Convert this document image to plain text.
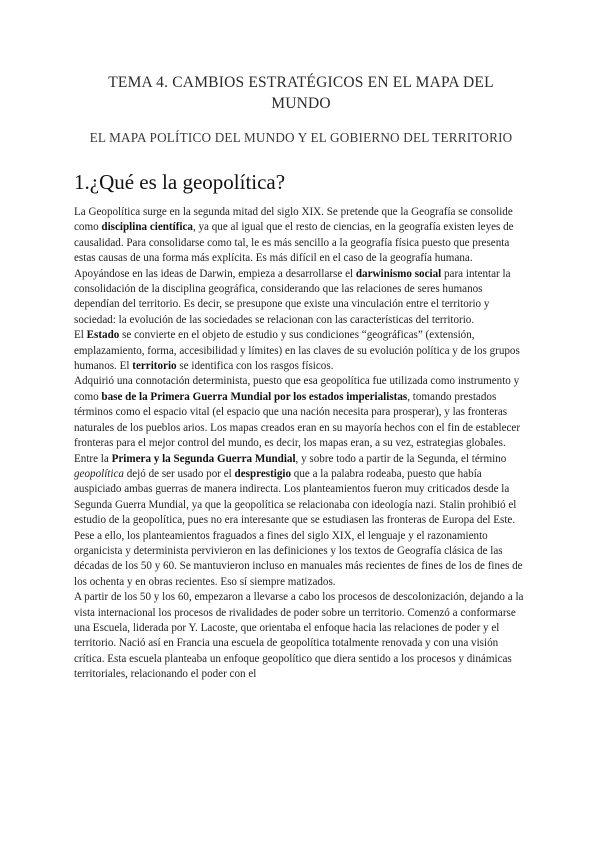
TEMA 4. CAMBIOS ESTRATÉGICOS EN EL MAPA DEL MUNDO
EL MAPA POLÍTICO DEL MUNDO Y EL GOBIERNO DEL TERRITORIO
1.¿Qué es la geopolítica?

La Geopolítica surge en la segunda mitad del siglo XIX. Se pretende que la Geografía se consolide como disciplina científica, ya que al igual que el resto de ciencias, en la geografía existen leyes de causalidad. Para consolidarse como tal, le es más sencillo a la geografía física puesto que presenta estas causas de una forma más explícita. Es más difícil en el caso de la geografía humana.

Apoyándose en las ideas de Darwin, empieza a desarrollarse el darwinismo social para intentar la consolidación de la disciplina geográfica, considerando que las relaciones de seres humanos dependían del territorio. Es decir, se presupone que existe una vinculación entre el territorio y sociedad: la evolución de las sociedades se relacionan con las características del territorio.

El Estado se convierte en el objeto de estudio y sus condiciones “geográficas” (extensión, emplazamiento, forma, accesibilidad y límites) en las claves de su evolución política y de los grupos humanos. El territorio se identifica con los rasgos físicos.

Adquirió una connotación determinista, puesto que esa geopolítica fue utilizada como instrumento y como base de la Primera Guerra Mundial por los estados imperialistas, tomando prestados términos como el espacio vital (el espacio que una nación necesita para prosperar), y las fronteras naturales de los pueblos arios. Los mapas creados eran en su mayoría hechos con el fin de establecer fronteras para el mejor control del mundo, es decir, los mapas eran, a su vez, estrategias globales.

Entre la Primera y la Segunda Guerra Mundial, y sobre todo a partir de la Segunda, el término geopolítica dejó de ser usado por el desprestigio que a la palabra rodeaba, puesto que había auspiciado ambas guerras de manera indirecta. Los planteamientos fueron muy criticados desde la Segunda Guerra Mundial, ya que la geopolítica se relacionaba con ideología nazi. Stalin prohibió el estudio de la geopolítica, pues no era interesante que se estudiasen las fronteras de Europa del Este. Pese a ello, los planteamientos fraguados a fines del siglo XIX, el lenguaje y el razonamiento organicista y determinista pervivieron en las definiciones y los textos de Geografía clásica de las décadas de los 50 y 60. Se mantuvieron incluso en manuales más recientes de fines de los de fines de los ochenta y en obras recientes. Eso sí siempre matizados.

A partir de los 50 y los 60, empezaron a llevarse a cabo los procesos de descolonización, dejando a la vista internacional los procesos de rivalidades de poder sobre un territorio. Comenzó a conformarse una Escuela, liderada por Y. Lacoste, que orientaba el enfoque hacia las relaciones de poder y el territorio. Nació así en Francia una escuela de geopolítica totalmente renovada y con una visión crítica. Esta escuela planteaba un enfoque geopolítico que diera sentido a los procesos y dinámicas territoriales, relacionando el poder con el
